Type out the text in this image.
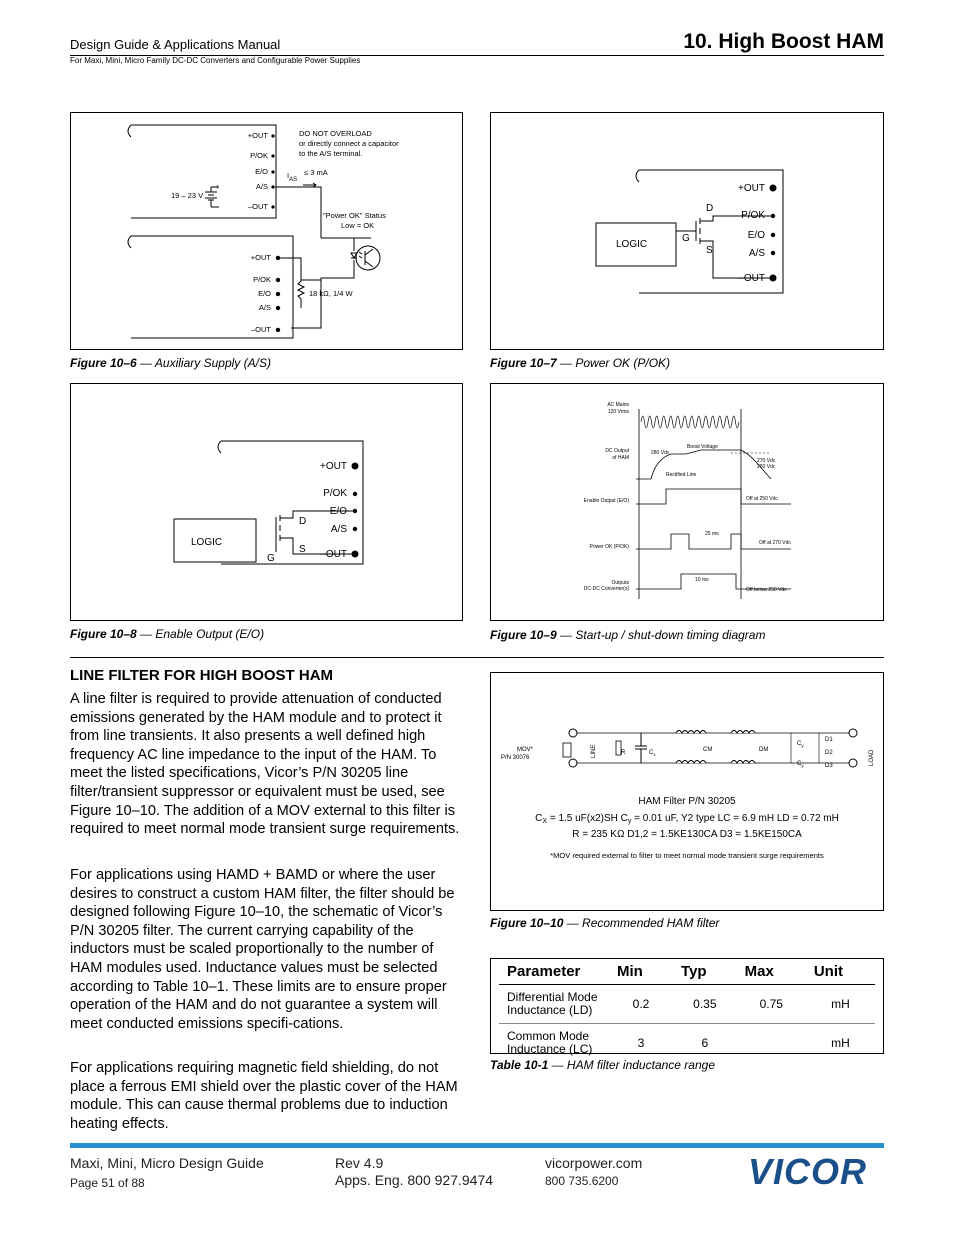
Design Guide & Applications Manual
For Maxi, Mini, Micro Family DC-DC Converters and Configurable Power Supplies
10. High Boost HAM
+OUT
P/OK
E/O
A/S
–OUT
+
19 – 23 V
DO NOT OVERLOAD
or directly connect a capacitor
to the A/S terminal.
$I_{AS}$
≤ 3 mA
"Power OK" Status
Low = OK
+OUT
P/OK
E/O
A/S
–OUT
18 kΩ, 1/4 W
Figure 10–6 — Auxiliary Supply (A/S)
+OUT
P/OK
E/O
A/S
–OUT
LOGIC
D
G
S
Figure 10–7 — Power OK (P/OK)
+OUT
P/OK
E/O
A/S
–OUT
LOGIC
D
G
S
Figure 10–8 — Enable Output (E/O)
AC Mains
120 Vrms
DC Output
of HAM
Enable Output (E/O)
Power OK (P/OK)
Outputs
DC-DC Converter(s)
Boost Voltage
280 Vdc
270 Vdc
250 Vdc
Rectified Line
Off at 250 Vdc
25 ms
Off at 270 Vdc
10 ms
Off below 250 Vdc
Figure 10–9 — Start-up / shut-down timing diagram
LINE FILTER FOR HIGH BOOST HAM
A line filter is required to provide attenuation of conducted emissions generated by the HAM module and to protect it from line transients. It also presents a well defined high frequency AC line impedance to the input of the HAM. To meet the listed specifications, Vicor’s P/N 30205 line filter/transient suppressor or equivalent must be used, see Figure 10–10. The addition of a MOV external to this filter is required to meet normal mode transient surge requirements.
For applications using HAMD + BAMD or where the user desires to construct a custom HAM filter, the filter should be designed following Figure 10–10, the schematic of Vicor’s P/N 30205 filter. The current carrying capability of the inductors must be scaled proportionally to the number of HAM modules used. Inductance values must be selected according to Table 10–1. These limits are to ensure proper operation of the HAM and do not guarantee a system will meet conducted emissions specifi-cations.
For applications requiring magnetic field shielding, do not place a ferrous EMI shield over the plastic cover of the HAM module. This can cause thermal problems due to induction heating effects.
MOV*
P/N 30076	LINE	R	$C_x$
CM	DM
$C_y$
$C_y$
D1
D2
D3	LOAD
HAM Filter P/N 30205
$C_X = 1.5$ uF(x2)SH $C_y = 0.01$ uF, Y2 type LC = 6.9 mH LD = 0.72 mH
R = 235 KΩ D1,2 = 1.5KE130CA D3 = 1.5KE150CA
*MOV required external to filter to meet normal mode transient surge requirements
Figure 10–10 — Recommended HAM filter
Parameter	Min	Typ	Max	Unit
Differential Mode Inductance (LD)	0.2	0.35	0.75	mH
Common Mode Inductance (LC)	3	6		mH
Table 10-1 — HAM filter inductance range
Maxi, Mini, Micro Design Guide
Page 51 of 88
Rev 4.9
Apps. Eng. 800 927.9474
vicorpower.com
800 735.6200	VICOR
